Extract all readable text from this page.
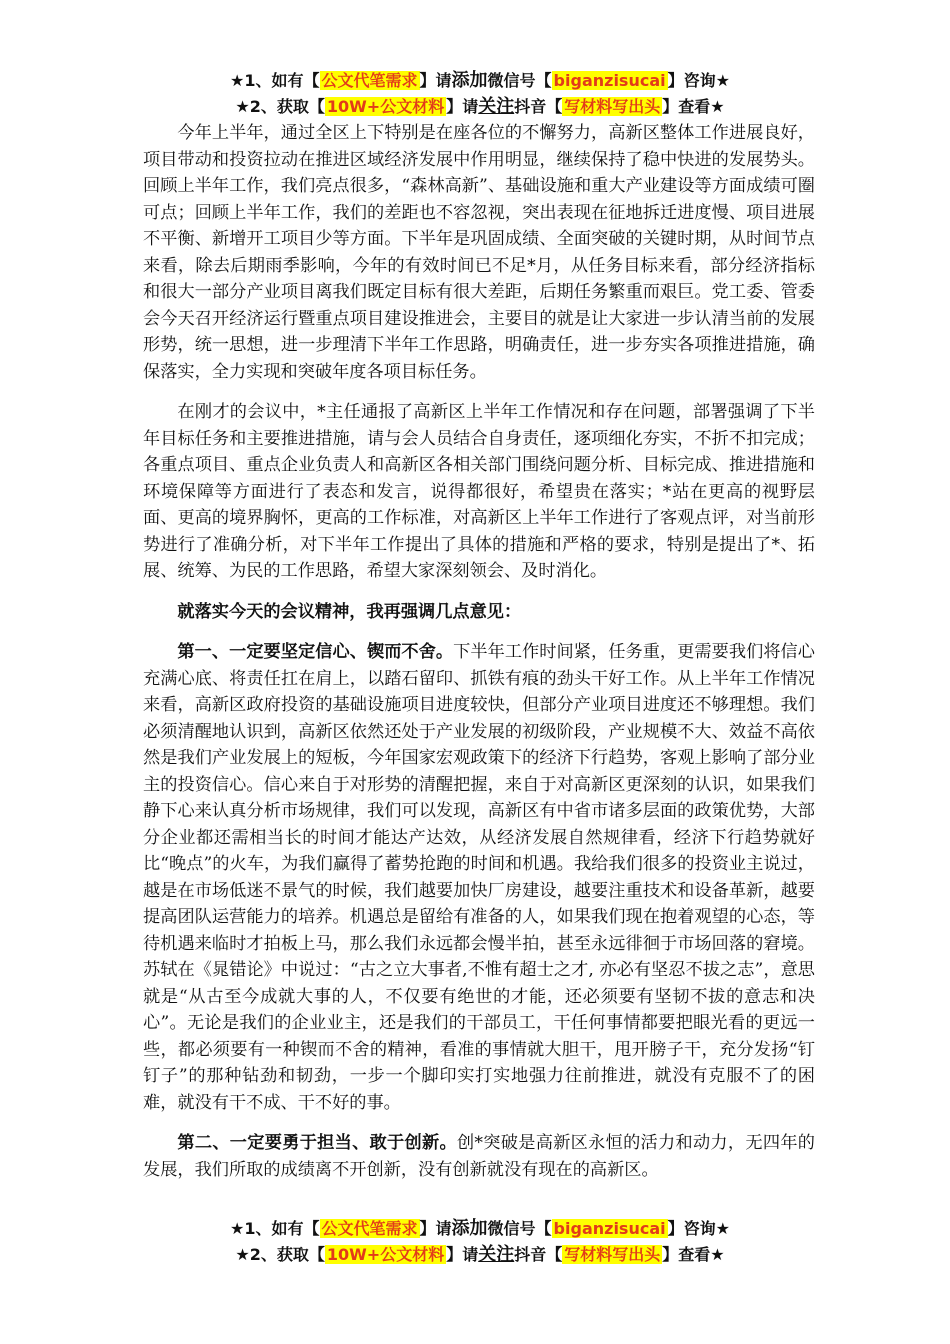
★1、如有【 公文代笔需求 】请添加微信号【 biganzisucai 】咨询★
★2、获取【 10W+公文材料 】请关注抖音【 写材料写出头 】查看★

今年上半年，通过全区上下特别是在座各位的不懈努力，高新区整体工作进展良好，项目带动和投资拉动在推进区域经济发展中作用明显，继续保持了稳中快进的发展势头。回顾上半年工作，我们亮点很多，“森林高新”、基础设施和重大产业建设等方面成绩可圈可点；回顾上半年工作，我们的差距也不容忽视，突出表现在征地拆迁进度慢、项目进展不平衡、新增开工项目少等方面。下半年是巩固成绩、全面突破的关键时期，从时间节点来看，除去后期雨季影响，今年的有效时间已不足*月，从任务目标来看，部分经济指标和很大一部分产业项目离我们既定目标有很大差距，后期任务繁重而艰巨。党工委、管委会今天召开经济运行暨重点项目建设推进会，主要目的就是让大家进一步认清当前的发展形势，统一思想，进一步理清下半年工作思路，明确责任，进一步夯实各项推进措施，确保落实，全力实现和突破年度各项目标任务。

在刚才的会议中，*主任通报了高新区上半年工作情况和存在问题，部署强调了下半年目标任务和主要推进措施，请与会人员结合自身责任，逐项细化夯实，不折不扣完成；各重点项目、重点企业负责人和高新区各相关部门围绕问题分析、目标完成、推进措施和环境保障等方面进行了表态和发言，说得都很好，希望贵在落实；*站在更高的视野层面、更高的境界胸怀，更高的工作标准，对高新区上半年工作进行了客观点评，对当前形势进行了准确分析，对下半年工作提出了具体的措施和严格的要求，特别是提出了*、拓展、统筹、为民的工作思路，希望大家深刻领会、及时消化。

就落实今天的会议精神，我再强调几点意见：

第一、一定要坚定信心、锲而不舍。下半年工作时间紧，任务重，更需要我们将信心充满心底、将责任扛在肩上，以踏石留印、抓铁有痕的劲头干好工作。从上半年工作情况来看，高新区政府投资的基础设施项目进度较快，但部分产业项目进度还不够理想。我们必须清醒地认识到，高新区依然还处于产业发展的初级阶段，产业规模不大、效益不高依然是我们产业发展上的短板，今年国家宏观政策下的经济下行趋势，客观上影响了部分业主的投资信心。信心来自于对形势的清醒把握，来自于对高新区更深刻的认识，如果我们静下心来认真分析市场规律，我们可以发现，高新区有中省市诸多层面的政策优势，大部分企业都还需相当长的时间才能达产达效，从经济发展自然规律看，经济下行趋势就好比“晚点”的火车，为我们赢得了蓄势抢跑的时间和机遇。我给我们很多的投资业主说过，越是在市场低迷不景气的时候，我们越要加快厂房建设，越要注重技术和设备革新，越要提高团队运营能力的培养。机遇总是留给有准备的人，如果我们现在抱着观望的心态，等待机遇来临时才拍板上马，那么我们永远都会慢半拍，甚至永远徘徊于市场回落的窘境。苏轼在《晁错论》中说过：“古之立大事者,不惟有超士之才, 亦必有坚忍不拔之志”，意思就是“从古至今成就大事的人，不仅要有绝世的才能，还必须要有坚韧不拔的意志和决心”。无论是我们的企业业主，还是我们的干部员工，干任何事情都要把眼光看的更远一些，都必须要有一种锲而不舍的精神，看准的事情就大胆干，甩开膀子干，充分发扬“钉钉子”的那种钻劲和韧劲，一步一个脚印实打实地强力往前推进，就没有克服不了的困难，就没有干不成、干不好的事。

第二、一定要勇于担当、敢于创新。创*突破是高新区永恒的活力和动力，无四年的发展，我们所取的成绩离不开创新，没有创新就没有现在的高新区。

★1、如有【 公文代笔需求 】请添加微信号【 biganzisucai 】咨询★
★2、获取【 10W+公文材料 】请关注抖音【 写材料写出头 】查看★
